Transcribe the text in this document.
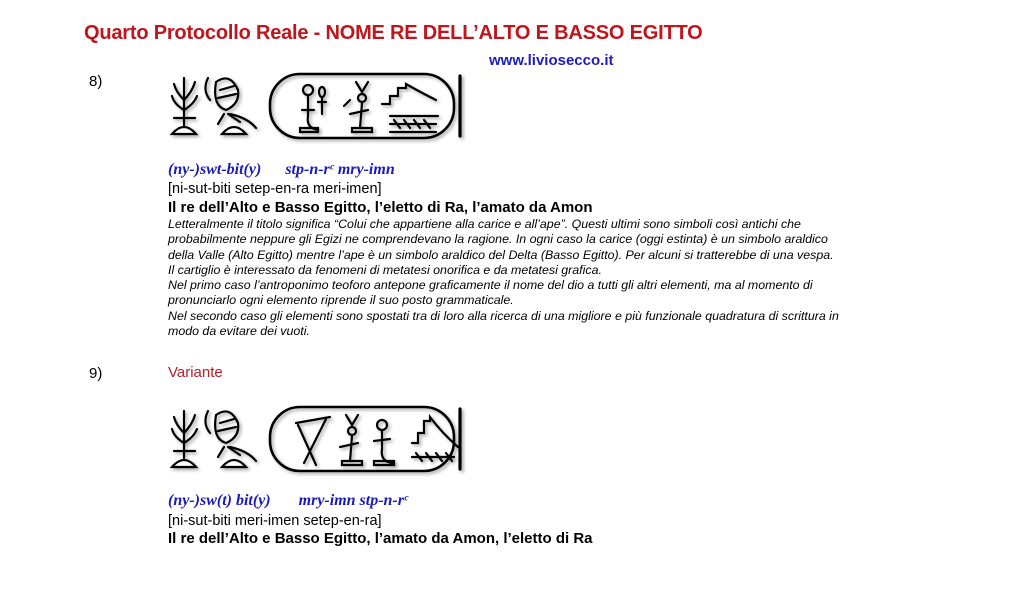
Quarto Protocollo Reale - NOME RE DELL’ALTO E BASSO EGITTO
www.liviosecco.it
8)
(ny-)swt-bit(y) stp-n-rᶜ mry-imn
[ni-sut-biti setep-en-ra meri-imen]
Il re dell’Alto e Basso Egitto, l’eletto di Ra, l’amato da Amon

Letteralmente il titolo significa “Colui che appartiene alla carice e all’ape”. Questi ultimi sono simboli così antichi che

probabilmente neppure gli Egizi ne comprendevano la ragione. In ogni caso la carice (oggi estinta) è un simbolo araldico

della Valle (Alto Egitto) mentre l’ape è un simbolo araldico del Delta (Basso Egitto). Per alcuni si tratterebbe di una vespa.

Il cartiglio è interessato da fenomeni di metatesi onorifica e da metatesi grafica.

Nel primo caso l’antroponimo teoforo antepone graficamente il nome del dio a tutti gli altri elementi, ma al momento di

pronunciarlo ogni elemento riprende il suo posto grammaticale.

Nel secondo caso gli elementi sono spostati tra di loro alla ricerca di una migliore e più funzionale quadratura di scrittura in

modo da evitare dei vuoti.

9)	Variante
(ny-)sw(t) bit(y) mry-imn stp-n-rᶜ
[ni-sut-biti meri-imen setep-en-ra]
Il re dell’Alto e Basso Egitto, l’amato da Amon, l’eletto di Ra
